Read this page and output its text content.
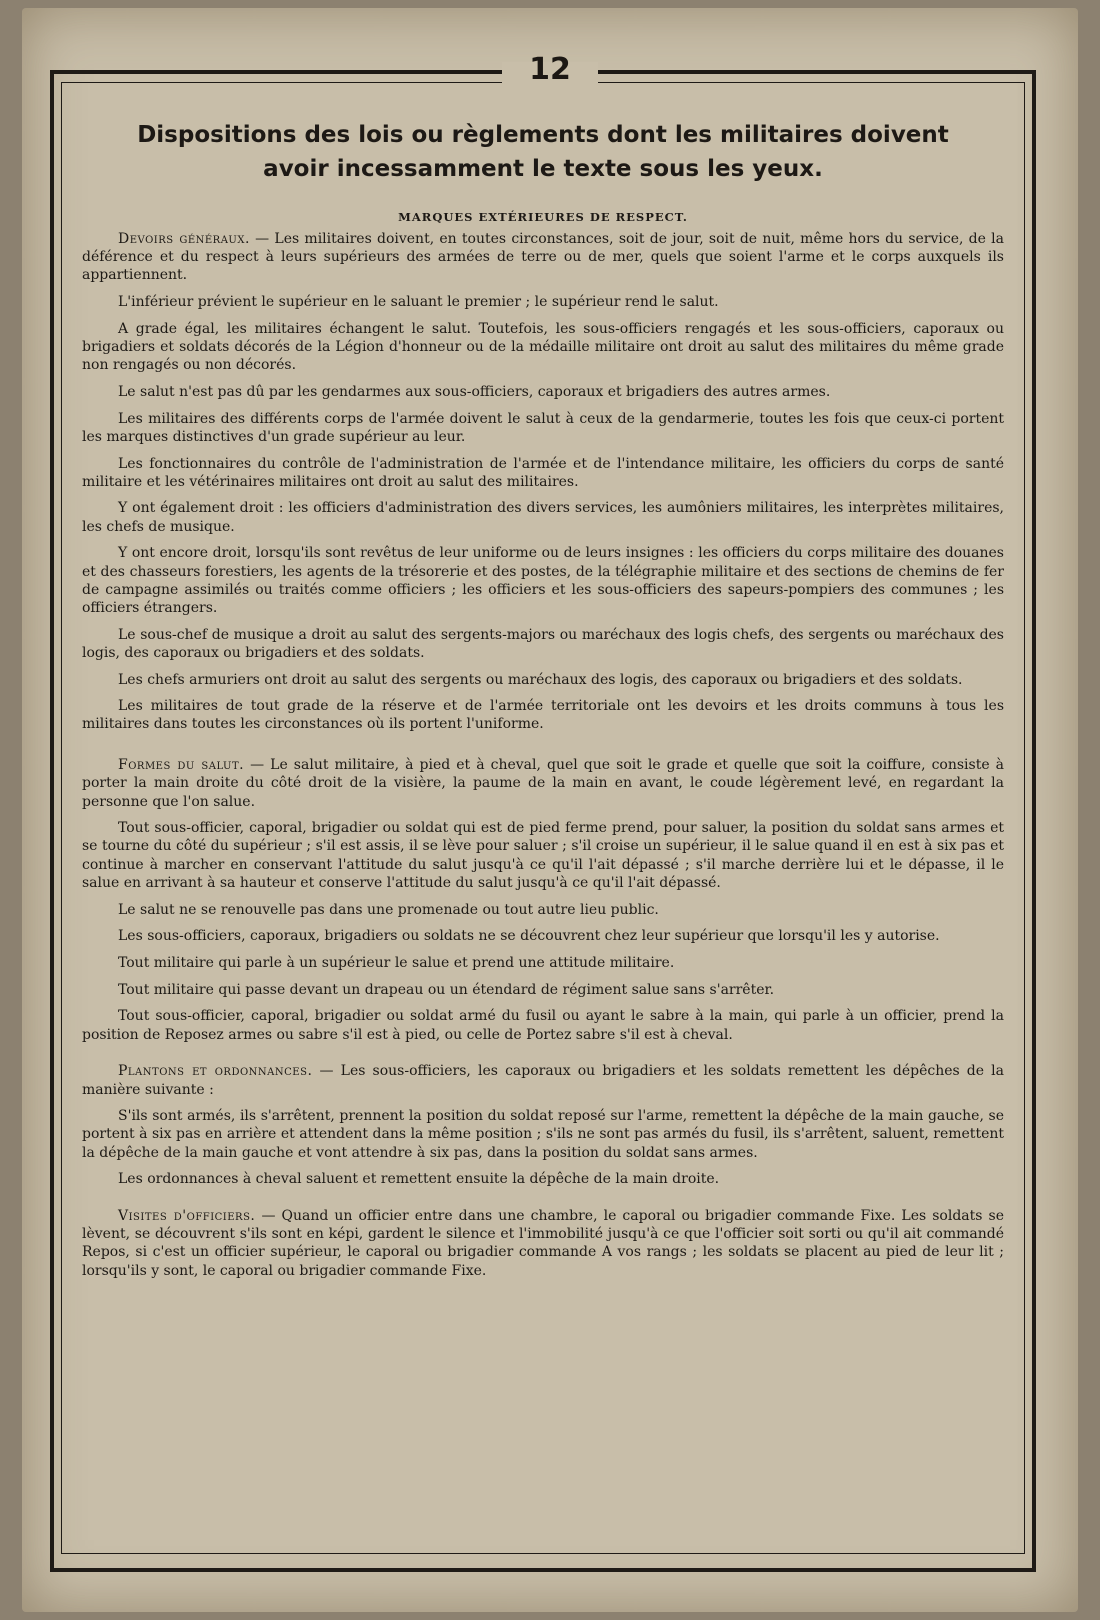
12
Dispositions des lois ou règlements dont les militaires doivent
avoir incessamment le texte sous les yeux.
MARQUES EXTÉRIEURES DE RESPECT.

Devoirs généraux. — Les militaires doivent, en toutes circonstances, soit de jour, soit de nuit, même hors du service, de la déférence et du respect à leurs supérieurs des armées de terre ou de mer, quels que soient l'arme et le corps auxquels ils appartiennent.

L'inférieur prévient le supérieur en le saluant le premier ; le supérieur rend le salut.

A grade égal, les militaires échangent le salut. Toutefois, les sous-officiers rengagés et les sous-officiers, caporaux ou brigadiers et soldats décorés de la Légion d'honneur ou de la médaille militaire ont droit au salut des militaires du même grade non rengagés ou non décorés.

Le salut n'est pas dû par les gendarmes aux sous-officiers, caporaux et brigadiers des autres armes.

Les militaires des différents corps de l'armée doivent le salut à ceux de la gendarmerie, toutes les fois que ceux-ci portent les marques distinctives d'un grade supérieur au leur.

Les fonctionnaires du contrôle de l'administration de l'armée et de l'intendance militaire, les officiers du corps de santé militaire et les vétérinaires militaires ont droit au salut des militaires.

Y ont également droit : les officiers d'administration des divers services, les aumôniers militaires, les interprètes militaires, les chefs de musique.

Y ont encore droit, lorsqu'ils sont revêtus de leur uniforme ou de leurs insignes : les officiers du corps militaire des douanes et des chasseurs forestiers, les agents de la trésorerie et des postes, de la télégraphie militaire et des sections de chemins de fer de campagne assimilés ou traités comme officiers ; les officiers et les sous-officiers des sapeurs-pompiers des communes ; les officiers étrangers.

Le sous-chef de musique a droit au salut des sergents-majors ou maréchaux des logis chefs, des sergents ou maréchaux des logis, des caporaux ou brigadiers et des soldats.

Les chefs armuriers ont droit au salut des sergents ou maréchaux des logis, des caporaux ou brigadiers et des soldats.

Les militaires de tout grade de la réserve et de l'armée territoriale ont les devoirs et les droits communs à tous les militaires dans toutes les circonstances où ils portent l'uniforme.

Formes du salut. — Le salut militaire, à pied et à cheval, quel que soit le grade et quelle que soit la coiffure, consiste à porter la main droite du côté droit de la visière, la paume de la main en avant, le coude légèrement levé, en regardant la personne que l'on salue.

Tout sous-officier, caporal, brigadier ou soldat qui est de pied ferme prend, pour saluer, la position du soldat sans armes et se tourne du côté du supérieur ; s'il est assis, il se lève pour saluer ; s'il croise un supérieur, il le salue quand il en est à six pas et continue à marcher en conservant l'attitude du salut jusqu'à ce qu'il l'ait dépassé ; s'il marche derrière lui et le dépasse, il le salue en arrivant à sa hauteur et conserve l'attitude du salut jusqu'à ce qu'il l'ait dépassé.

Le salut ne se renouvelle pas dans une promenade ou tout autre lieu public.

Les sous-officiers, caporaux, brigadiers ou soldats ne se découvrent chez leur supérieur que lorsqu'il les y autorise.

Tout militaire qui parle à un supérieur le salue et prend une attitude militaire.

Tout militaire qui passe devant un drapeau ou un étendard de régiment salue sans s'arrêter.

Tout sous-officier, caporal, brigadier ou soldat armé du fusil ou ayant le sabre à la main, qui parle à un officier, prend la position de Reposez armes ou sabre s'il est à pied, ou celle de Portez sabre s'il est à cheval.

Plantons et ordonnances. — Les sous-officiers, les caporaux ou brigadiers et les soldats remettent les dépêches de la manière suivante :

S'ils sont armés, ils s'arrêtent, prennent la position du soldat reposé sur l'arme, remettent la dépêche de la main gauche, se portent à six pas en arrière et attendent dans la même position ; s'ils ne sont pas armés du fusil, ils s'arrêtent, saluent, remettent la dépêche de la main gauche et vont attendre à six pas, dans la position du soldat sans armes.

Les ordonnances à cheval saluent et remettent ensuite la dépêche de la main droite.

Visites d'officiers. — Quand un officier entre dans une chambre, le caporal ou brigadier commande Fixe. Les soldats se lèvent, se découvrent s'ils sont en képi, gardent le silence et l'immobilité jusqu'à ce que l'officier soit sorti ou qu'il ait commandé Repos, si c'est un officier supérieur, le caporal ou brigadier commande A vos rangs ; les soldats se placent au pied de leur lit ; lorsqu'ils y sont, le caporal ou brigadier commande Fixe.
